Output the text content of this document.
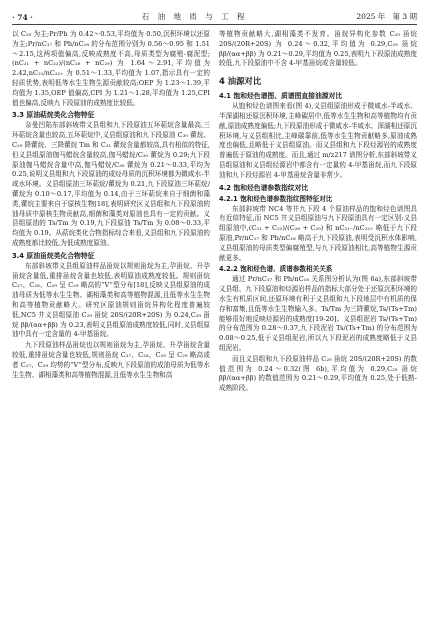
· 74 ·	石 油 地 质 与 工 程	2025 年   第 3 期

以 C₂₉ 为主;Pr/Ph 为 0.42～0.53,平均值为 0.50,沉积环境以还原为主;Pr/nC₁₇ 和 Ph/nC₁₈ 的分布范围分别为 0.56～0.95 和 1.51～2.15,这两项值偏高,反映成熟度不高,母质类型为腐殖-腐泥型;(nC₂₁ + nC₂₂)/(nC₂₈ + nC₂₉) 为 1.64～2.91,平均值为 2.42,nC₂₁/nC₂₂₊ 为 0.51～1.33,平均值为 1.07,指示具有一定的轻质优势,表明低等水生生物生源贡献较高;OEP 为 1.23～1.39,平均值为 1.35,OEP 值偏高,CPI 为 1.21～1.28,平均值为 1.25,CPI 值也偏高,反映九下段原油的成熟度比较低。

3.3 原油萜烷类化合物特征

奈曼凹陷东部斜坡带义县组和九下段原油五环萜烷含量最高,三环萜烷含量也较高,五环萜烷中,义县组原油和九下段原油 C₃₀ 藿烷、C₂₉ 降藿烷、三降藿烷 Tm 和 C₃₁ 藿烷含量都较高,具有相似的特征,但义县组原油伽马蜡烷含量较高,伽马蜡烷/C₃₀ 藿烷为 0.29;九下段原油伽马蜡烷含量中高,伽马蜡烷/C₃₀ 藿烷为 0.21～0.33,平均为 0.25,说明义县组和九下段原油的成烃母质的沉积环境都为微咸水-半咸水环境。义县组原油三环萜烷/藿烷为 0.21,九下段原油三环萜烷/藿烷为 0.10～0.17,平均值为 0.14,由于三环萜烷来自于细菌和藻类,藿烷主要来自于原核生物[18],表明研究区义县组和九下段原油的油母质中原核生物贡献高,细菌和藻类对原油也具有一定的贡献。义县组原油的 Ts/Tm 为 0.19,九下段原油 Ts/Tm 为 0.08～0.33,平均值为 0.19。从萜烷类化合物指标综合来看,义县组和九下段原油的成熟度都比较低,为低成熟度原油。

3.4 原油甾烷类化合物特征

东部斜坡带义县组原油样品甾烷以规则甾烷为主,孕甾烷、升孕甾烷含量低,重排甾烷含量也较低,表明原油成熟度较低。规则甾烷 C₂₇、C₂₈、C₂₉ 呈 C₂₉ 略高的“V”型分布[18],反映义县组原油的成油母质为低等水生生物、湖相藻类和高等植物混源,且低等水生生物和高等植物贡献略大。研究区原油规则甾烷异构化程度普遍较低,NC5 井义县组原油 C₂₉ 甾烷 20S/(20R+20S) 为 0.24,C₂₉ 甾烷 ββ/(αα+ββ) 为 0.23,表明义县组原油成熟度较低,同时,义县组原油中具有一定含量的 4-甲基甾烷。

九下段原油样品甾烷也以规则甾烷为主,孕甾烷、升孕甾烷含量较低,重排甾烷含量也较低,规则甾烷 C₂₇、C₂₈、C₂₉ 呈 C₂₉ 略高或者 C₂₇、C₂₉ 均势的“V”型分布,反映九下段原油的成油母质为低等水生生物、湖相藻类和高等植物混源,且低等水生生物和高

等植物贡献略大,湖相藻类不发育。甾烷异构化参数 C₂₉ 甾烷 20S/(20R+20S) 为 0.24～0.32,平均值为 0.29,C₂₉ 甾烷 ββ/(αα+ββ) 为 0.21～0.29,平均值为 0.25,表明九下段原油成熟度较低,九下段原油中不含 4-甲基甾烷或含量较低。

4 油源对比
4.1 饱和烃色谱图、质谱图直接油源对比

从饱和烃色谱图来看(图 4),义县组原油形成于微咸水-半咸水、半深湖相还原沉积环境,主峰碳居中,低等水生生物和高等植物均有贡献,原油成熟度偏低;九下段原油形成于微咸水-半咸水、深湖相还原沉积环境,与义县组相比,主峰碳靠前,低等水生生物贡献略多,原油成熟度也偏低,且略低于义县组原油。而义县组和九下段烃源岩的成熟度普遍低于原油的成熟度。而且,通过 m/z217 谱图分析,东部斜坡带义县组原油和义县组烃源岩中都含有一定量的 4-甲基甾烷,而九下段原油和九下段烃源岩 4-甲基甾烷含量非常少。

4.2 饱和烃色谱参数指纹对比
4.2.1 饱和烃色谱参数指纹图特征对比

东部斜坡带 NC4 等井九下段 4 个原油样品的饱和烃色谱图具有近似特征,而 NC5 井义县组原油与九下段原油具有一定区别:义县组原油中,(C₂₁ + C₂₂)/(C₂₈ + C₂₉) 和 nC₂₁₋/nC₂₂₊ 略低于九下段原油,Pr/nC₁₇ 和 Ph/nC₁₈ 略高于九下段原油,表明受沉积水体影响,义县组原油的母质类型偏腐殖型,与九下段原油相比,高等植物生源贡献更多。

4.2.2 饱和烃色谱、质谱参数相关关系

通过 Pr/nC₁₇ 和 Ph/nC₁₈ 关系图分析认为(图 6a),东部斜坡带义县组、九下段原油和烃源岩样品的指标大部分处于还原沉积环境的水生有机质区间,还原环境有利于义县组和九下段地层中有机质的保存和富集,且低等水生生物输入多。Ts/Tm 为三降藿烷,Ts/(Ts+Tm) 能够很好地反映烃源岩的成熟度[19-20]。义县组泥岩 Ts/(Ts+Tm) 的分布范围为 0.28～0.37,九下段泥岩 Ts/(Ts+Tm) 的分布范围为 0.08～0.25,低于义县组泥岩,所以九下段泥岩的成熟度略低于义县组泥岩。

而且义县组和九下段原油样品 C₂₉ 甾烷 20S/(20R+20S) 的数值范围为 0.24～0.32(图 6b),平均值为 0.29,C₂₉ 甾烷 ββ/(αα+ββ) 的数值范围为 0.21～0.29,平均值为 0.25,处于低熟-成熟阶段。
